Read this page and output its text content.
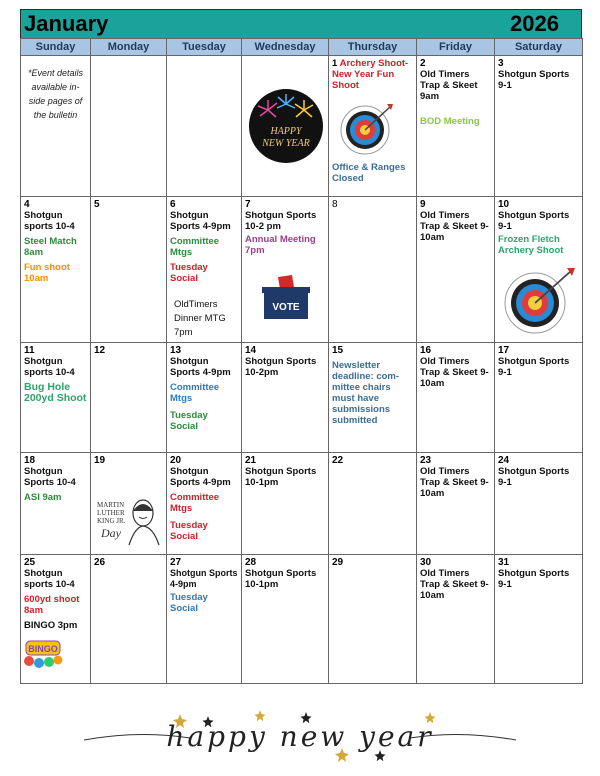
January	2026
Sunday	Monday	Tuesday	Wednesday	Thursday	Friday	Saturday

*Event details available in-side pages of the bulletin			HAPPY
NEW YEAR	1 Archery Shoot-New Year Fun Shoot
Office & Ranges Closed	2
Old Timers Trap & Skeet 9am
BOD Meeting	3
Shotgun Sports 9-1

4
Shotgun sports 10-4
Steel Match 8am
Fun shoot 10am	5	6
Shotgun Sports 4-9pm
Committee Mtgs
Tuesday Social
OldTimers Dinner MTG 7pm	7
Shotgun Sports 10-2 pm
Annual Meeting 7pm
VOTE	8	9
Old Timers Trap & Skeet 9-10am	10
Shotgun Sports 9-1
Frozen Fletch Archery Shoot

11
Shotgun sports 10-4
Bug Hole 200yd Shoot	12	13
Shotgun Sports 4-9pm
Committee Mtgs
Tuesday Social	14
Shotgun Sports 10-2pm	15
Newsletter deadline: com-mittee chairs must have submissions submitted	16
Old Timers Trap & Skeet 9-10am	17
Shotgun Sports 9-1

18
Shotgun Sports 10-4
ASI 9am	19
MARTIN
LUTHER
KING JR.
Day	20
Shotgun Sports 4-9pm
Committee Mtgs
Tuesday Social	21
Shotgun Sports 10-1pm	22	23
Old Timers Trap & Skeet 9-10am	24
Shotgun Sports 9-1

25
Shotgun sports 10-4
600yd shoot 8am
BINGO 3pm
BINGO	26	27
Shotgun Sports 4-9pm
Tuesday Social	28
Shotgun Sports 10-1pm	29	30
Old Timers Trap & Skeet 9-10am	31
Shotgun Sports 9-1
happy new year
